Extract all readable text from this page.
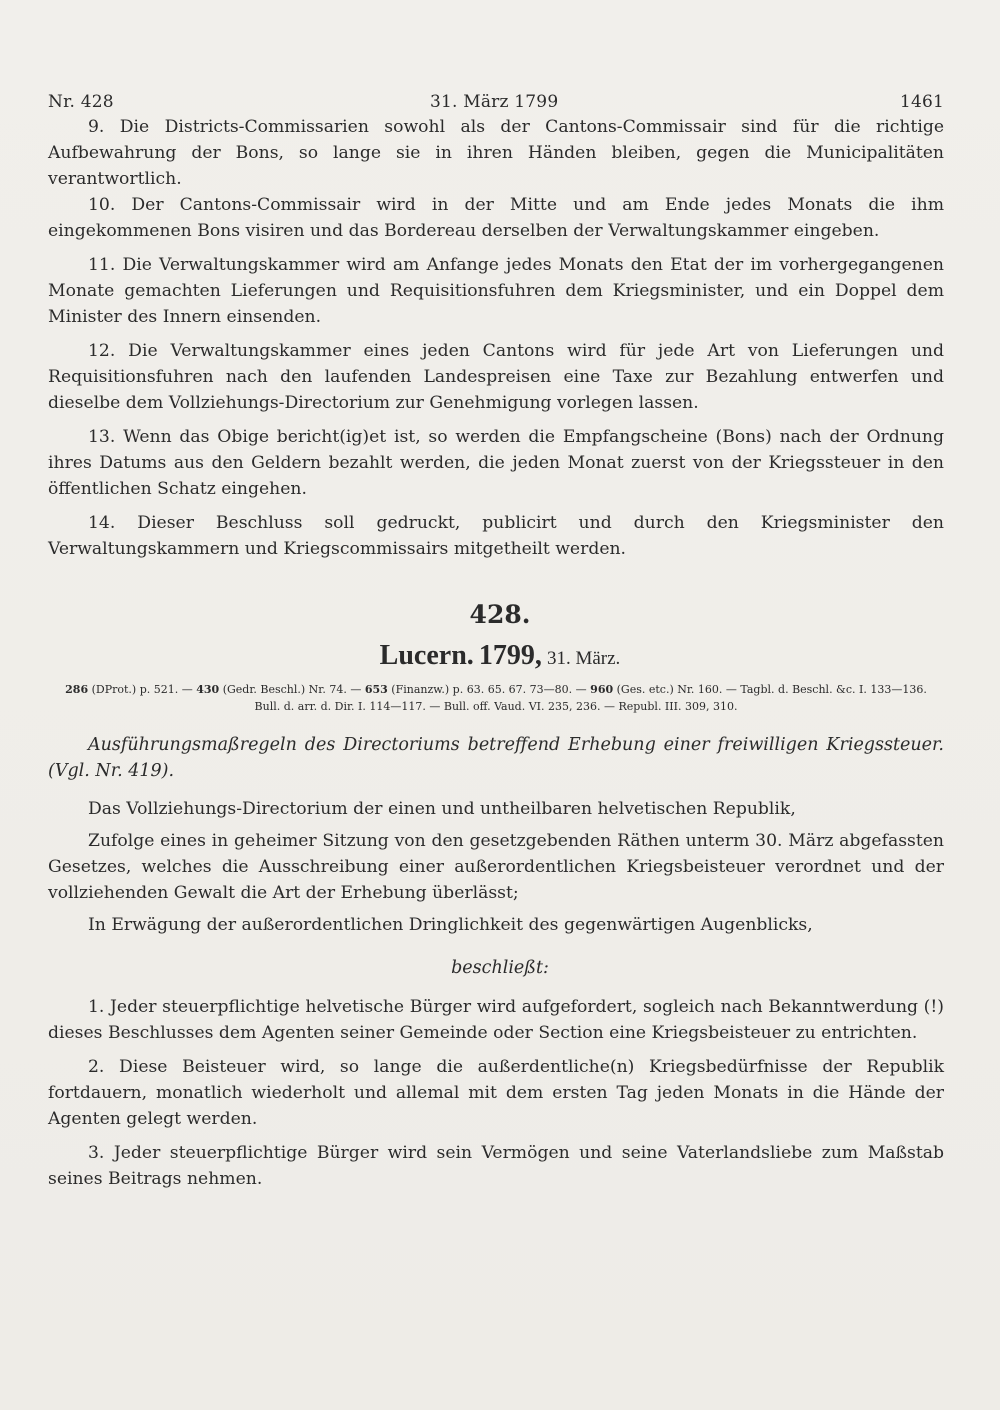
Nr. 428	31. März 1799	1461

9. Die Districts-Commissarien sowohl als der Cantons-Commissair sind für die richtige Aufbewahrung der Bons, so lange sie in ihren Händen bleiben, gegen die Municipalitäten verantwortlich.

10. Der Cantons-Commissair wird in der Mitte und am Ende jedes Monats die ihm eingekommenen Bons visiren und das Bordereau derselben der Verwaltungskammer eingeben.

11. Die Verwaltungskammer wird am Anfange jedes Monats den Etat der im vorhergegangenen Monate gemachten Lieferungen und Requisitionsfuhren dem Kriegsminister, und ein Doppel dem Minister des Innern einsenden.

12. Die Verwaltungskammer eines jeden Cantons wird für jede Art von Lieferungen und Requisitionsfuhren nach den laufenden Landespreisen eine Taxe zur Bezahlung entwerfen und dieselbe dem Vollziehungs-Directorium zur Genehmigung vorlegen lassen.

13. Wenn das Obige bericht(ig)et ist, so werden die Empfangscheine (Bons) nach der Ordnung ihres Datums aus den Geldern bezahlt werden, die jeden Monat zuerst von der Kriegssteuer in den öffentlichen Schatz eingehen.

14. Dieser Beschluss soll gedruckt, publicirt und durch den Kriegsminister den Verwaltungskammern und Kriegscommissairs mitgetheilt werden.

428.
Lucern. 1799, 31. März.
286 (DProt.) p. 521. — 430 (Gedr. Beschl.) Nr. 74. — 653 (Finanzw.) p. 63. 65. 67. 73—80. — 960 (Ges. etc.) Nr. 160. — Tagbl. d. Beschl. &c. I. 133—136.
Bull. d. arr. d. Dir. I. 114—117. — Bull. off. Vaud. VI. 235, 236. — Republ. III. 309, 310.

Ausführungsmaßregeln des Directoriums betreffend Erhebung einer freiwilligen Kriegssteuer. (Vgl. Nr. 419).

Das Vollziehungs-Directorium der einen und untheilbaren helvetischen Republik,

Zufolge eines in geheimer Sitzung von den gesetzgebenden Räthen unterm 30. März abgefassten Gesetzes, welches die Ausschreibung einer außerordentlichen Kriegsbeisteuer verordnet und der vollziehenden Gewalt die Art der Erhebung überlässt;

In Erwägung der außerordentlichen Dringlichkeit des gegenwärtigen Augenblicks,

beschließt:

1. Jeder steuerpflichtige helvetische Bürger wird aufgefordert, sogleich nach Bekanntwerdung (!) dieses Beschlusses dem Agenten seiner Gemeinde oder Section eine Kriegsbeisteuer zu entrichten.

2. Diese Beisteuer wird, so lange die außerdentliche(n) Kriegsbedürfnisse der Republik fortdauern, monatlich wiederholt und allemal mit dem ersten Tag jeden Monats in die Hände der Agenten gelegt werden.

3. Jeder steuerpflichtige Bürger wird sein Vermögen und seine Vaterlandsliebe zum Maßstab seines Beitrags nehmen.
